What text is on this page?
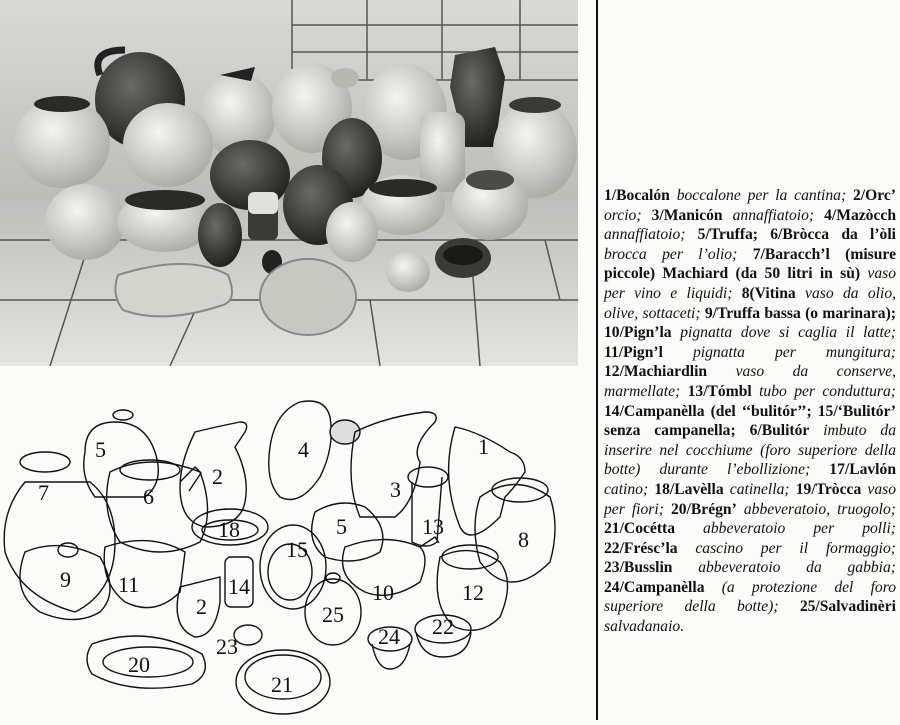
5
7	6
2
4
3
1
13
8
5
18
9 11
2
14
15
23
25
10	12
24 22
20
21
1/Bocalón boccalone per la cantina; 2/Orc’ orcio; 3/Manicón annaffiatoio; 4/Mazòcch annaffiatoio; 5/Truffa; 6/Bròcca da l’òli brocca per l’olio; 7/Baracch’l (misure piccole) Machiard (da 50 litri in sù) vaso per vino e liquidi; 8(Vitina vaso da olio, olive, sottaceti; 9/Truffa bassa (o marinara); 10/Pign’la pignatta dove si caglia il latte; 11/Pign’l pignatta per mungitura; 12/Machiardlin vaso da conserve, marmellate; 13/Tómbl tubo per conduttura; 14/Campanèlla (del ‘‘bulitór’’; 15/‘Bulitór’ senza campanella; 6/Bulitór imbuto da inserire nel cocchiume (foro superiore della botte) durante l’ebollizione; 17/Lavlón catino; 18/Lavèlla catinella; 19/Tròcca vaso per fiori; 20/Brégn’ abbeveratoio, truogolo; 21/Cocétta abbeveratoio per polli; 22/Frésc’la cascino per il formaggio; 23/Busslin abbeveratoio da gabbia; 24/Campanèlla (a protezione del foro superiore della botte); 25/Salvadinèri salvadanaio.
